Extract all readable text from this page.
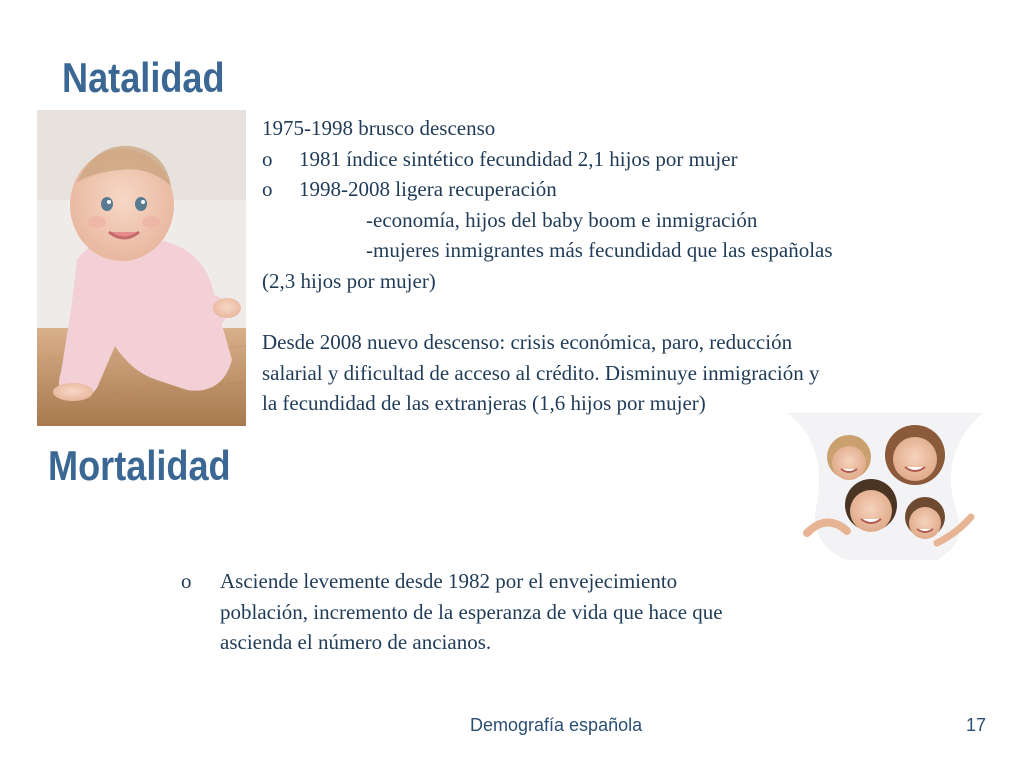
Natalidad
1975-1998 brusco descenso
o 1981 índice sintético fecundidad 2,1 hijos por mujer
o 1998-2008 ligera recuperación
-economía, hijos del baby boom e inmigración
-mujeres inmigrantes más fecundidad que las españolas
(2,3 hijos por mujer)
Desde 2008 nuevo descenso: crisis económica, paro, reducción
salarial y dificultad de acceso al crédito. Disminuye inmigración y
la fecundidad de las extranjeras (1,6 hijos por mujer)
Mortalidad
o Asciende levemente desde 1982 por el envejecimiento
población, incremento de la esperanza de vida que hace que
ascienda el número de ancianos.
Demografía española	17
